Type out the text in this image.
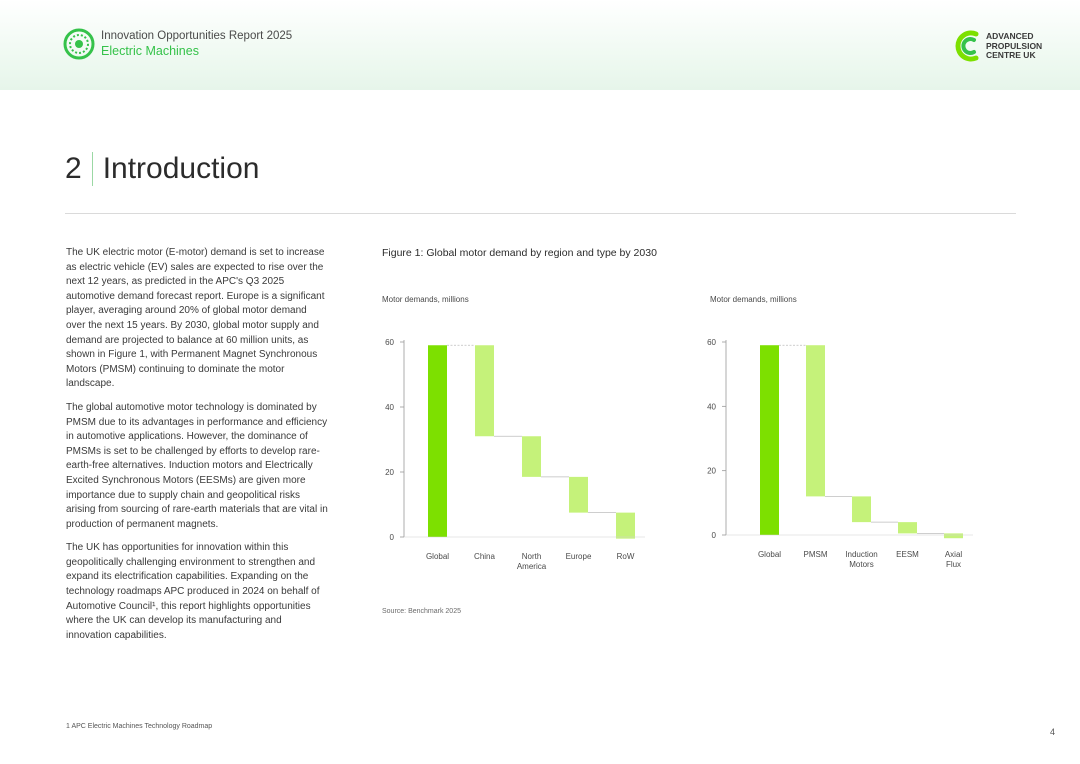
Innovation Opportunities Report 2025
Electric Machines
ADVANCED
PROPULSION
CENTRE UK
2 Introduction

The UK electric motor (E-motor) demand is set to increase as electric vehicle (EV) sales are expected to rise over the next 12 years, as predicted in the APC's Q3 2025 automotive demand forecast report. Europe is a significant player, averaging around 20% of global motor demand over the next 15 years. By 2030, global motor supply and demand are projected to balance at 60 million units, as shown in Figure 1, with Permanent Magnet Synchronous Motors (PMSM) continuing to dominate the motor landscape.

The global automotive motor technology is dominated by PMSM due to its advantages in performance and efficiency in automotive applications. However, the dominance of PMSMs is set to be challenged by efforts to develop rare-earth-free alternatives. Induction motors and Electrically Excited Synchronous Motors (EESMs) are given more importance due to supply chain and geopolitical risks arising from sourcing of rare-earth materials that are vital in production of permanent magnets.

The UK has opportunities for innovation within this geopolitically challenging environment to strengthen and expand its electrification capabilities. Expanding on the technology roadmaps APC produced in 2024 on behalf of Automotive Council¹, this report highlights opportunities where the UK can develop its manufacturing and innovation capabilities.

Figure 1: Global motor demand by region and type by 2030
Motor demands, millions
0
20
40
60
Global	China	North
America
Europe	RoW
Motor demands, millions
0
20
40
60
Global	PMSM Induction
Motors
EESM	Axial
Flux
Source: Benchmark 2025
1 APC Electric Machines Technology Roadmap
4
